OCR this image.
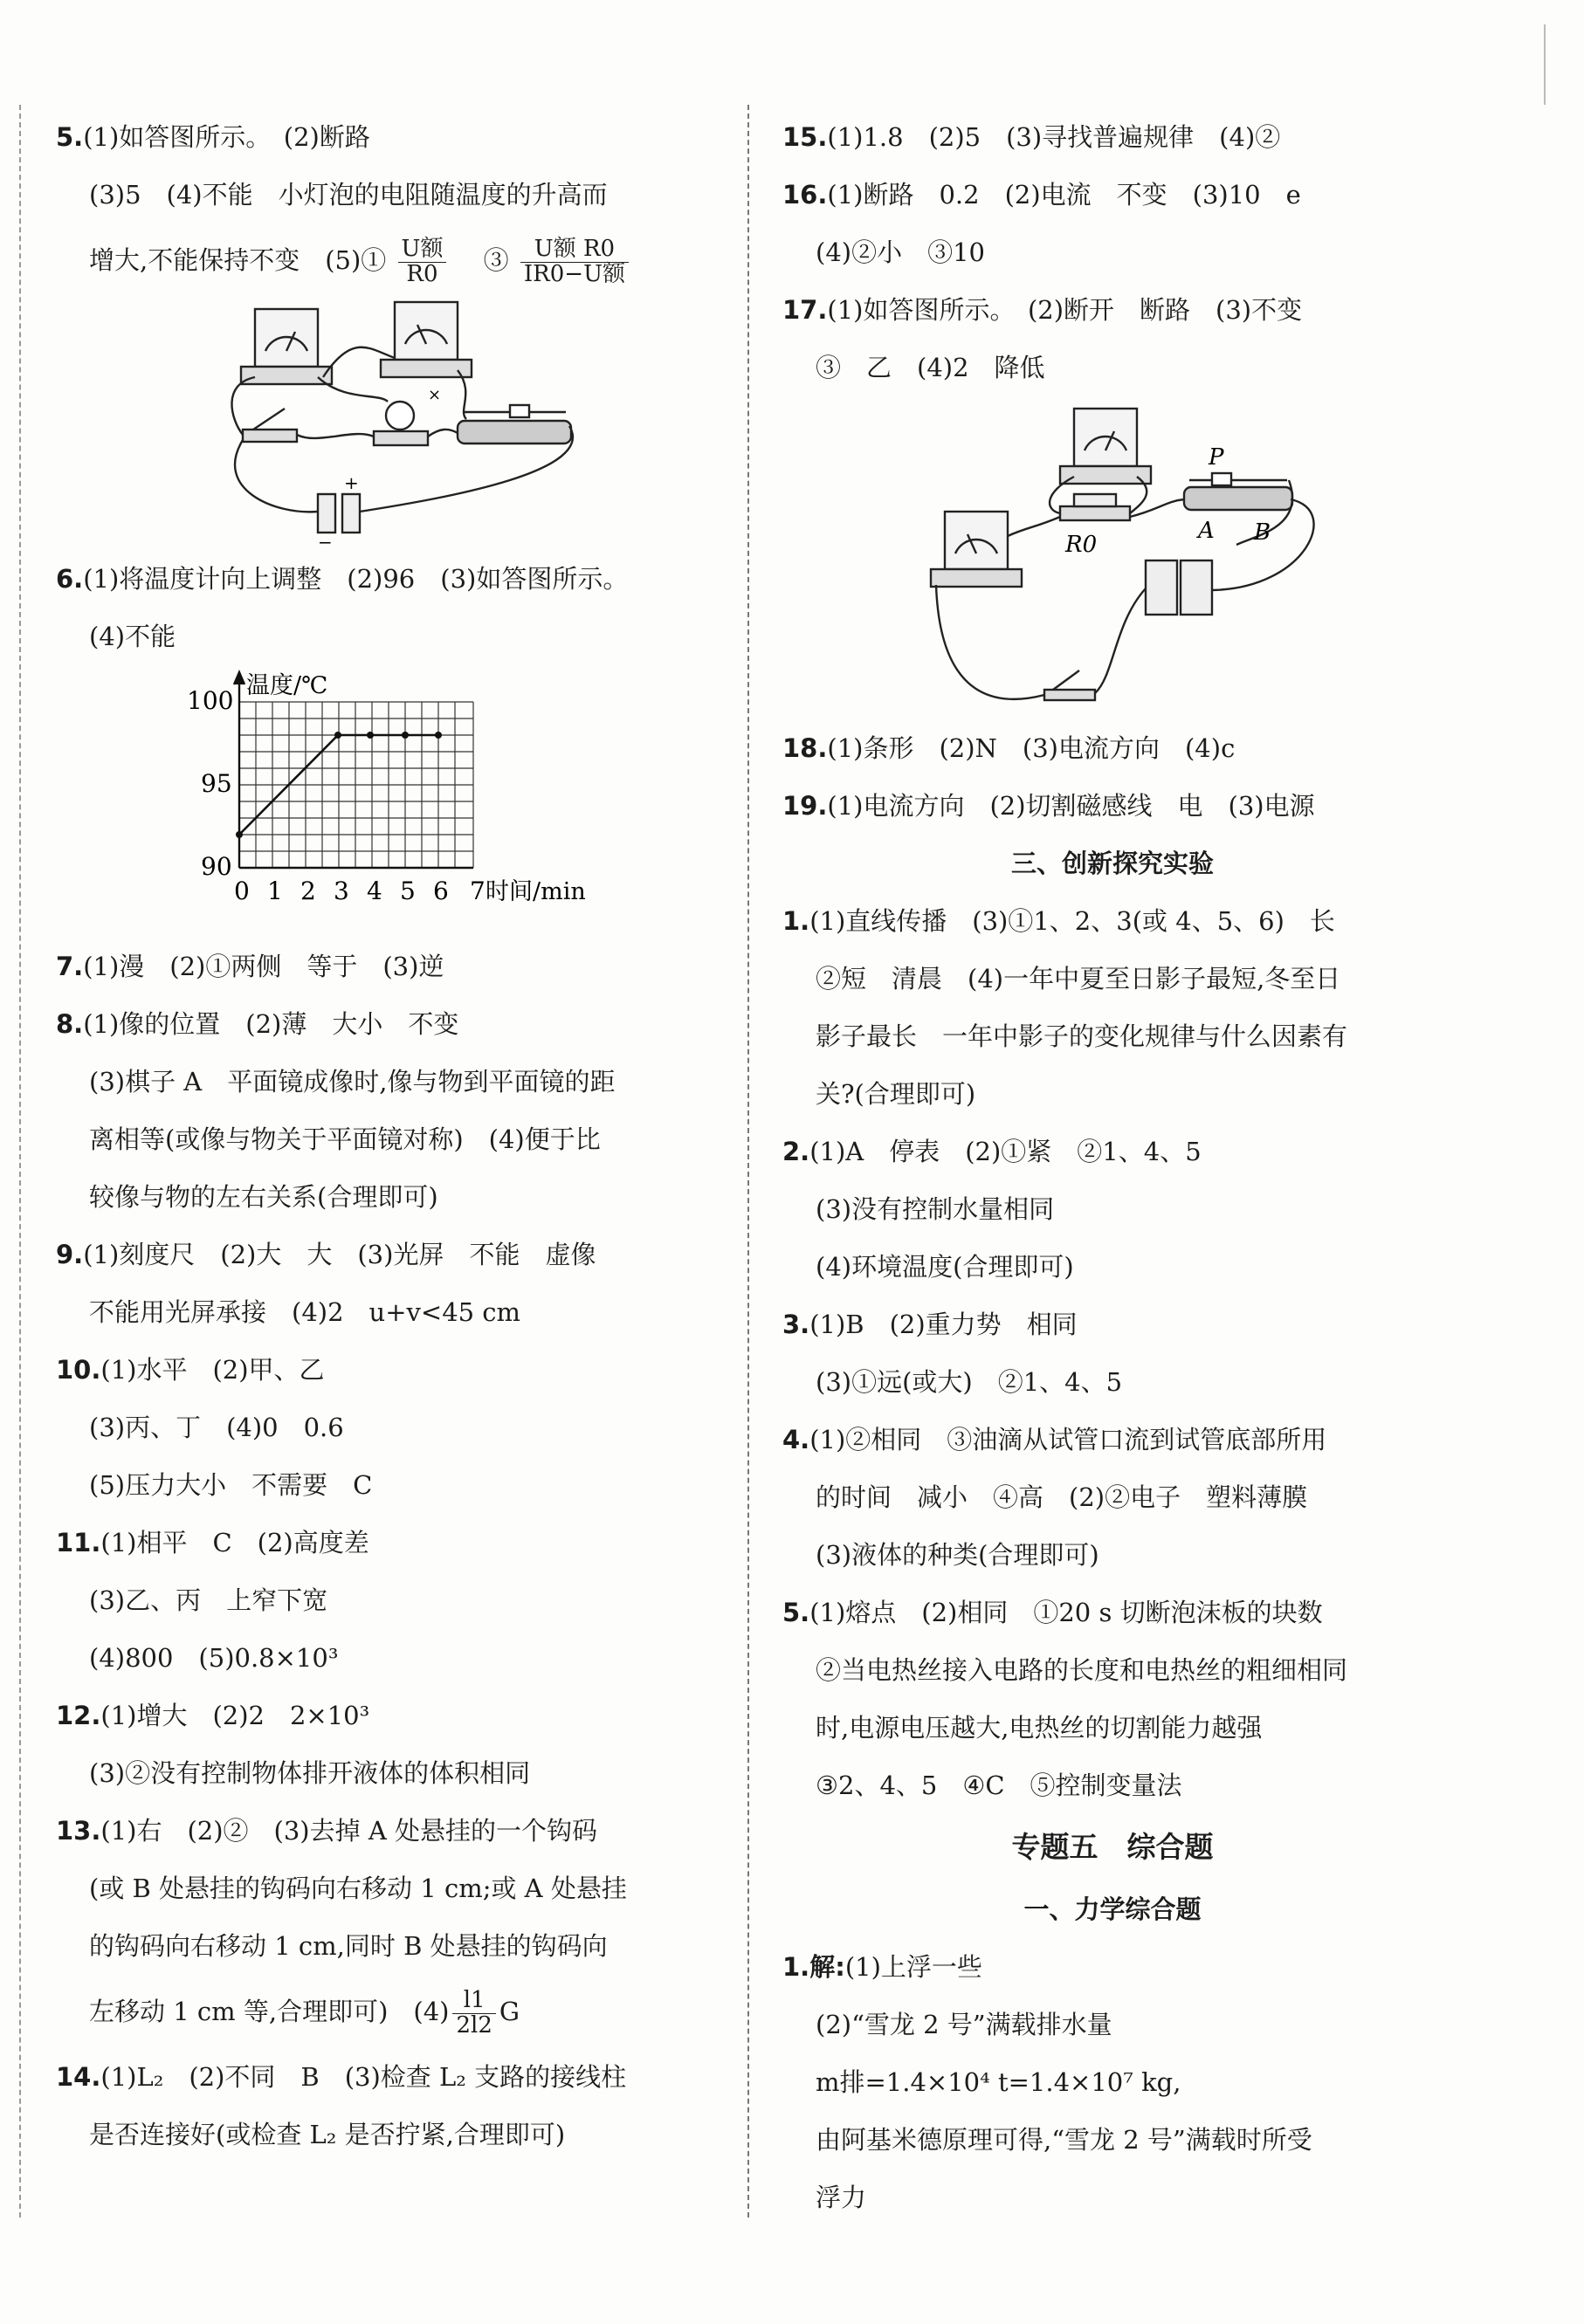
5.(1)如答图所示。　(2)断路
(3)5　(4)不能　小灯泡的电阻随温度的升高而
增大,不能保持不变　(5)① $\frac{\text{U额}}{R0}$ 　③ $\frac{\text{U额 R0}}{\text{IR0−U额}}$
+
−
×
6.(1)将温度计向上调整　(2)96　(3)如答图所示。
(4)不能
温度/℃
100
95
90
0 1 2 3 4 5 6 7 时间/min
7.(1)漫　(2)①两侧　等于　(3)逆
8.(1)像的位置　(2)薄　大小　不变
(3)棋子 A　平面镜成像时,像与物到平面镜的距
离相等(或像与物关于平面镜对称)　(4)便于比
较像与物的左右关系(合理即可)
9.(1)刻度尺　(2)大　大　(3)光屏　不能　虚像
不能用光屏承接　(4)2　u+v<45 cm
10.(1)水平　(2)甲、乙
(3)丙、丁　(4)0　0.6
(5)压力大小　不需要　C
11.(1)相平　C　(2)高度差
(3)乙、丙　上窄下宽
(4)800　(5)0.8×10³
12.(1)增大　(2)2　2×10³
(3)②没有控制物体排开液体的体积相同
13.(1)右　(2)②　(3)去掉 A 处悬挂的一个钩码
(或 B 处悬挂的钩码向右移动 1 cm;或 A 处悬挂
的钩码向右移动 1 cm,同时 B 处悬挂的钩码向
左移动 1 cm 等,合理即可)　$(4) \frac{l1}{2l2}$ G
14.(1)L₂　(2)不同　B　(3)检查 L₂ 支路的接线柱
是否连接好(或检查 L₂ 是否拧紧,合理即可)
15.(1)1.8　(2)5　(3)寻找普遍规律　(4)②
16.(1)断路　0.2　(2)电流　不变　(3)10　e
(4)②小　③10
17.(1)如答图所示。　(2)断开　断路　(3)不变
③　乙　(4)2　降低
P
A B
R0
18.(1)条形　(2)N　(3)电流方向　(4)c
19.(1)电流方向　(2)切割磁感线　电　(3)电源
三、创新探究实验
1.(1)直线传播　(3)①1、2、3(或 4、5、6)　长
②短　清晨　(4)一年中夏至日影子最短,冬至日
影子最长　一年中影子的变化规律与什么因素有
关?(合理即可)
2.(1)A　停表　(2)①紧　②1、4、5
(3)没有控制水量相同
(4)环境温度(合理即可)
3.(1)B　(2)重力势　相同
(3)①远(或大)　②1、4、5
4.(1)②相同　③油滴从试管口流到试管底部所用
的时间　减小　④高　(2)②电子　塑料薄膜
(3)液体的种类(合理即可)
5.(1)熔点　(2)相同　①20 s 切断泡沫板的块数
②当电热丝接入电路的长度和电热丝的粗细相同
时,电源电压越大,电热丝的切割能力越强
③2、4、5　④C　⑤控制变量法
专题五　综合题
一、力学综合题
1.解:(1)上浮一些
(2)“雪龙 2 号”满载排水量
m排=1.4×10⁴ t=1.4×10⁷ kg,
由阿基米德原理可得,“雪龙 2 号”满载时所受
浮力
